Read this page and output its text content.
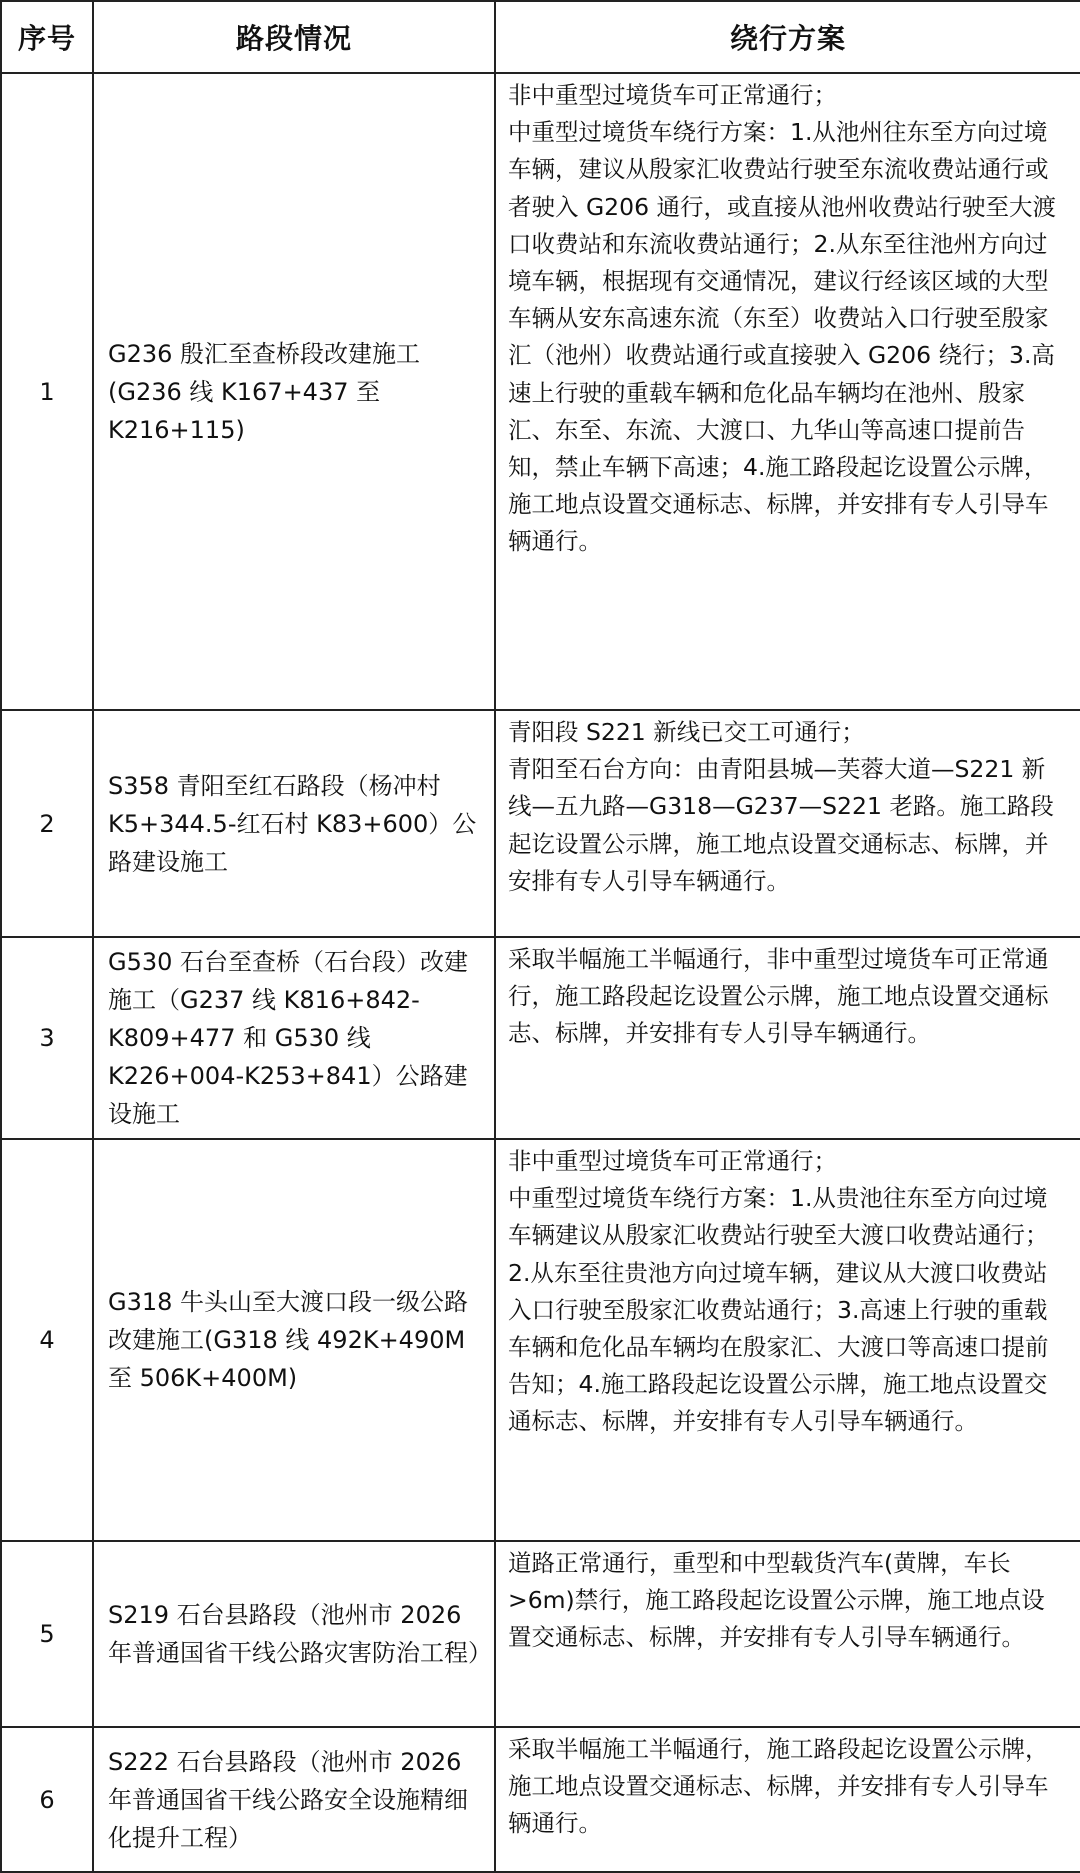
序号	路段情况	绕行方案
1	G236 殷汇至查桥段改建施工(G236 线 K167+437 至 K216+115)	非中重型过境货车可正常通行；

中重型过境货车绕行方案：1.从池州往东至方向过境车辆，建议从殷家汇收费站行驶至东流收费站通行或者驶入 G206 通行，或直接从池州收费站行驶至大渡口收费站和东流收费站通行；2.从东至往池州方向过境车辆，根据现有交通情况，建议行经该区域的大型车辆从安东高速东流（东至）收费站入口行驶至殷家汇（池州）收费站通行或直接驶入 G206 绕行；3.高速上行驶的重载车辆和危化品车辆均在池州、殷家汇、东至、东流、大渡口、九华山等高速口提前告知，禁止车辆下高速；4.施工路段起讫设置公示牌，施工地点设置交通标志、标牌，并安排有专人引导车辆通行。

2	S358 青阳至红石路段（杨冲村 K5+344.5-红石村 K83+600）公路建设施工	青阳段 S221 新线已交工可通行；

青阳至石台方向：由青阳县城—芙蓉大道—S221 新线—五九路—G318—G237—S221 老路。施工路段起讫设置公示牌，施工地点设置交通标志、标牌，并安排有专人引导车辆通行。

3	G530 石台至查桥（石台段）改建施工（G237 线 K816+842-K809+477 和 G530 线 K226+004-K253+841）公路建设施工	采取半幅施工半幅通行，非中重型过境货车可正常通行，施工路段起讫设置公示牌，施工地点设置交通标志、标牌，并安排有专人引导车辆通行。

4	G318 牛头山至大渡口段一级公路改建施工(G318 线 492K+490M 至 506K+400M)	非中重型过境货车可正常通行；

中重型过境货车绕行方案：1.从贵池往东至方向过境车辆建议从殷家汇收费站行驶至大渡口收费站通行；2.从东至往贵池方向过境车辆，建议从大渡口收费站入口行驶至殷家汇收费站通行；3.高速上行驶的重载车辆和危化品车辆均在殷家汇、大渡口等高速口提前告知；4.施工路段起讫设置公示牌，施工地点设置交通标志、标牌，并安排有专人引导车辆通行。

5	S219 石台县路段（池州市 2026 年普通国省干线公路灾害防治工程）	道路正常通行，重型和中型载货汽车(黄牌，车长>6m)禁行，施工路段起讫设置公示牌，施工地点设置交通标志、标牌，并安排有专人引导车辆通行。

6	S222 石台县路段（池州市 2026 年普通国省干线公路安全设施精细化提升工程）	采取半幅施工半幅通行，施工路段起讫设置公示牌，施工地点设置交通标志、标牌，并安排有专人引导车辆通行。
